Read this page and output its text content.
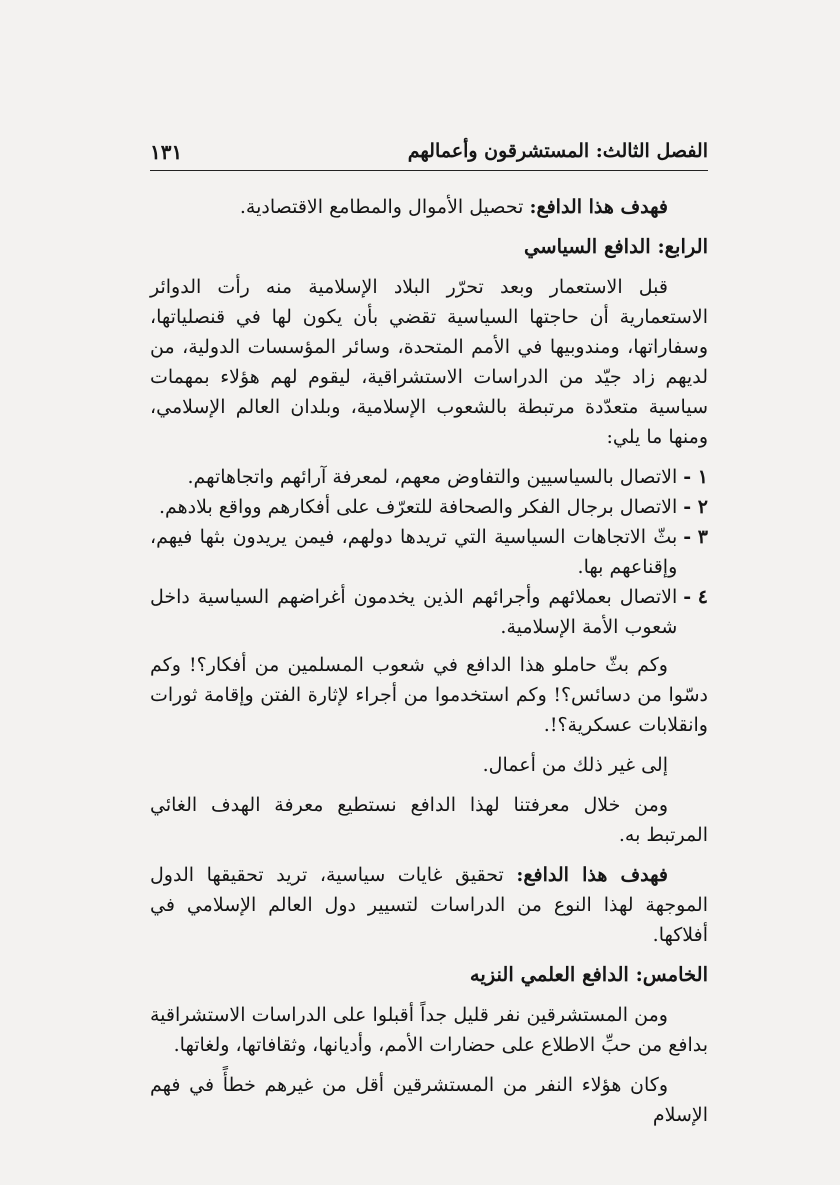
الفصل الثالث: المستشرقون وأعمالهم
١٣١

فهدف هذا الدافع: تحصيل الأموال والمطامع الاقتصادية.

الرابع: الدافع السياسي

قبل الاستعمار وبعد تحرّر البلاد الإسلامية منه رأت الدوائر الاستعمارية أن حاجتها السياسية تقضي بأن يكون لها في قنصلياتها، وسفاراتها، ومندوبيها في الأمم المتحدة، وسائر المؤسسات الدولية، من لديهم زاد جيّد من الدراسات الاستشراقية، ليقوم لهم هؤلاء بمهمات سياسية متعدّدة مرتبطة بالشعوب الإسلامية، وبلدان العالم الإسلامي، ومنها ما يلي:

١ -
الاتصال بالسياسيين والتفاوض معهم، لمعرفة آرائهم واتجاهاتهم.
٢ -
الاتصال برجال الفكر والصحافة للتعرّف على أفكارهم وواقع بلادهم.
٣ -
بثّ الاتجاهات السياسية التي تريدها دولهم، فيمن يريدون بثها فيهم، وإقناعهم بها.
٤ -
الاتصال بعملائهم وأجرائهم الذين يخدمون أغراضهم السياسية داخل شعوب الأمة الإسلامية.

وكم بثّ حاملو هذا الدافع في شعوب المسلمين من أفكار؟! وكم دسّوا من دسائس؟! وكم استخدموا من أجراء لإثارة الفتن وإقامة ثورات وانقلابات عسكرية؟!.

إلى غير ذلك من أعمال.

ومن خلال معرفتنا لهذا الدافع نستطيع معرفة الهدف الغائي المرتبط به.

فهدف هذا الدافع: تحقيق غايات سياسية، تريد تحقيقها الدول الموجهة لهذا النوع من الدراسات لتسيير دول العالم الإسلامي في أفلاكها.

الخامس: الدافع العلمي النزيه

ومن المستشرقين نفر قليل جداً أقبلوا على الدراسات الاستشراقية بدافع من حبِّ الاطلاع على حضارات الأمم، وأديانها، وثقافاتها، ولغاتها.

وكان هؤلاء النفر من المستشرقين أقل من غيرهم خطأً في فهم الإسلام
